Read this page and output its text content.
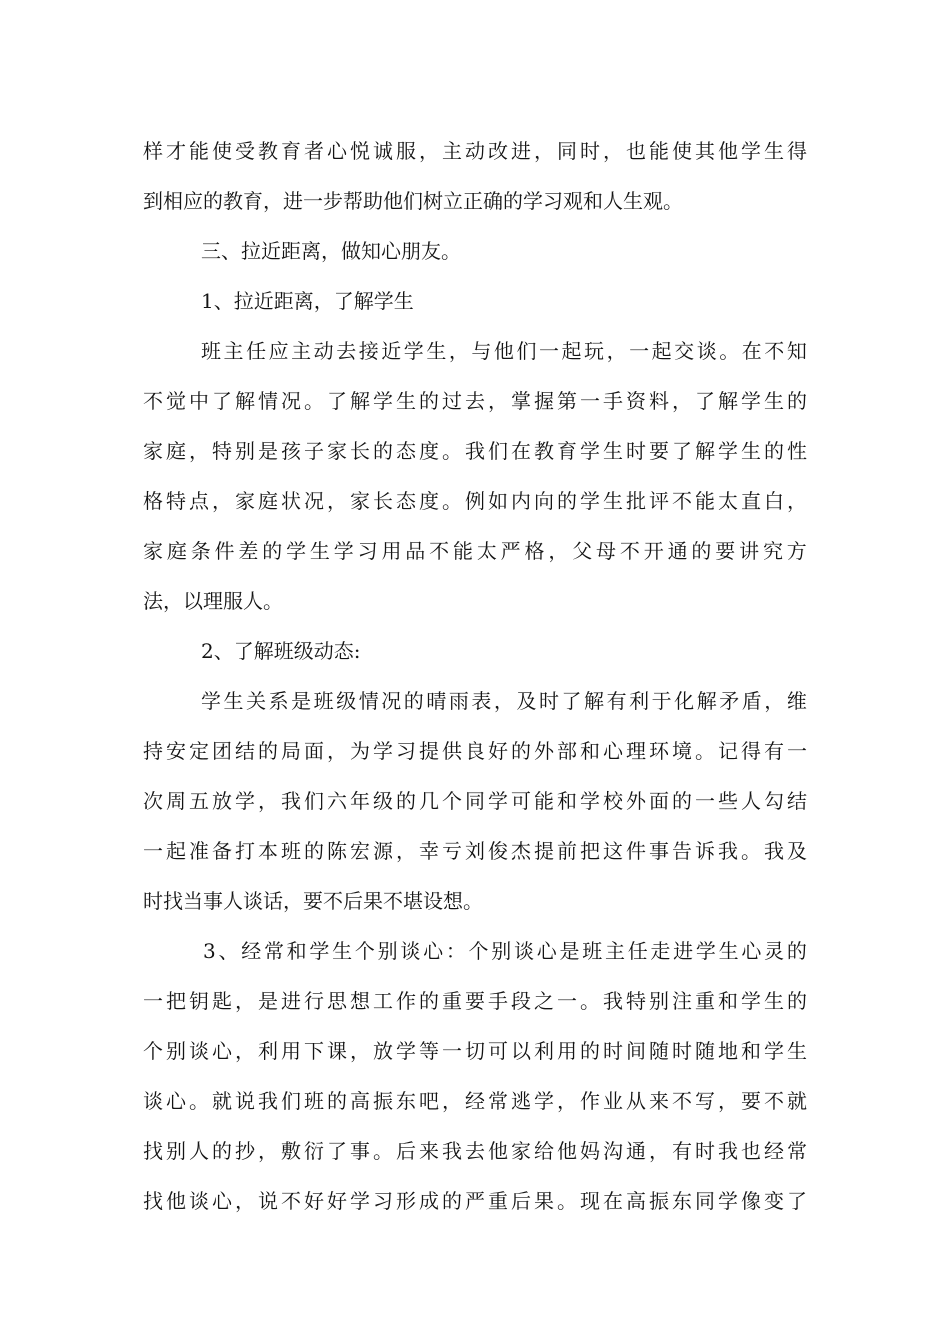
样 才 能 使 受 教 育 者 心 悦 诚 服 ， 主 动 改 进 ， 同 时 ， 也 能 使 其 他 学 生 得
到相应的教育，进一步帮助他们树立正确的学习观和人生观。
三、拉近距离，做知心朋友。
1、拉近距离，了解学生
班 主 任 应 主 动 去 接 近 学 生 ， 与 他 们 一 起 玩 ， 一 起 交 谈 。 在 不 知
不 觉 中 了 解 情 况 。 了 解 学 生 的 过 去 ， 掌 握 第 一 手 资 料 ， 了 解 学 生 的
家 庭 ， 特 别 是 孩 子 家 长 的 态 度 。 我 们 在 教 育 学 生 时 要 了 解 学 生 的 性
格 特 点 ， 家 庭 状 况 ， 家 长 态 度 。 例 如 内 向 的 学 生 批 评 不 能 太 直 白 ，
家 庭 条 件 差 的 学 生 学 习 用 品 不 能 太 严 格 ， 父 母 不 开 通 的 要 讲 究 方
法，以理服人。
2、了解班级动态:
学 生 关 系 是 班 级 情 况 的 晴 雨 表 ， 及 时 了 解 有 利 于 化 解 矛 盾 ， 维
持 安 定 团 结 的 局 面 ， 为 学 习 提 供 良 好 的 外 部 和 心 理 环 境 。 记 得 有 一
次 周 五 放 学 ， 我 们 六 年 级 的 几 个 同 学 可 能 和 学 校 外 面 的 一 些 人 勾 结
一 起 准 备 打 本 班 的 陈 宏 源 ， 幸 亏 刘 俊 杰 提 前 把 这 件 事 告 诉 我 。 我 及
时找当事人谈话，要不后果不堪设想。
3 、 经 常 和 学 生 个 别 谈 心 ： 个 别 谈 心 是 班 主 任 走 进 学 生 心 灵 的
一 把 钥 匙 ， 是 进 行 思 想 工 作 的 重 要 手 段 之 一 。 我 特 别 注 重 和 学 生 的
个 别 谈 心 ， 利 用 下 课 ， 放 学 等 一 切 可 以 利 用 的 时 间 随 时 随 地 和 学 生
谈 心 。 就 说 我 们 班 的 高 振 东 吧 ， 经 常 逃 学 ， 作 业 从 来 不 写 ， 要 不 就
找 别 人 的 抄 ， 敷 衍 了 事 。 后 来 我 去 他 家 给 他 妈 沟 通 ， 有 时 我 也 经 常
找 他 谈 心 ， 说 不 好 好 学 习 形 成 的 严 重 后 果 。 现 在 高 振 东 同 学 像 变 了
